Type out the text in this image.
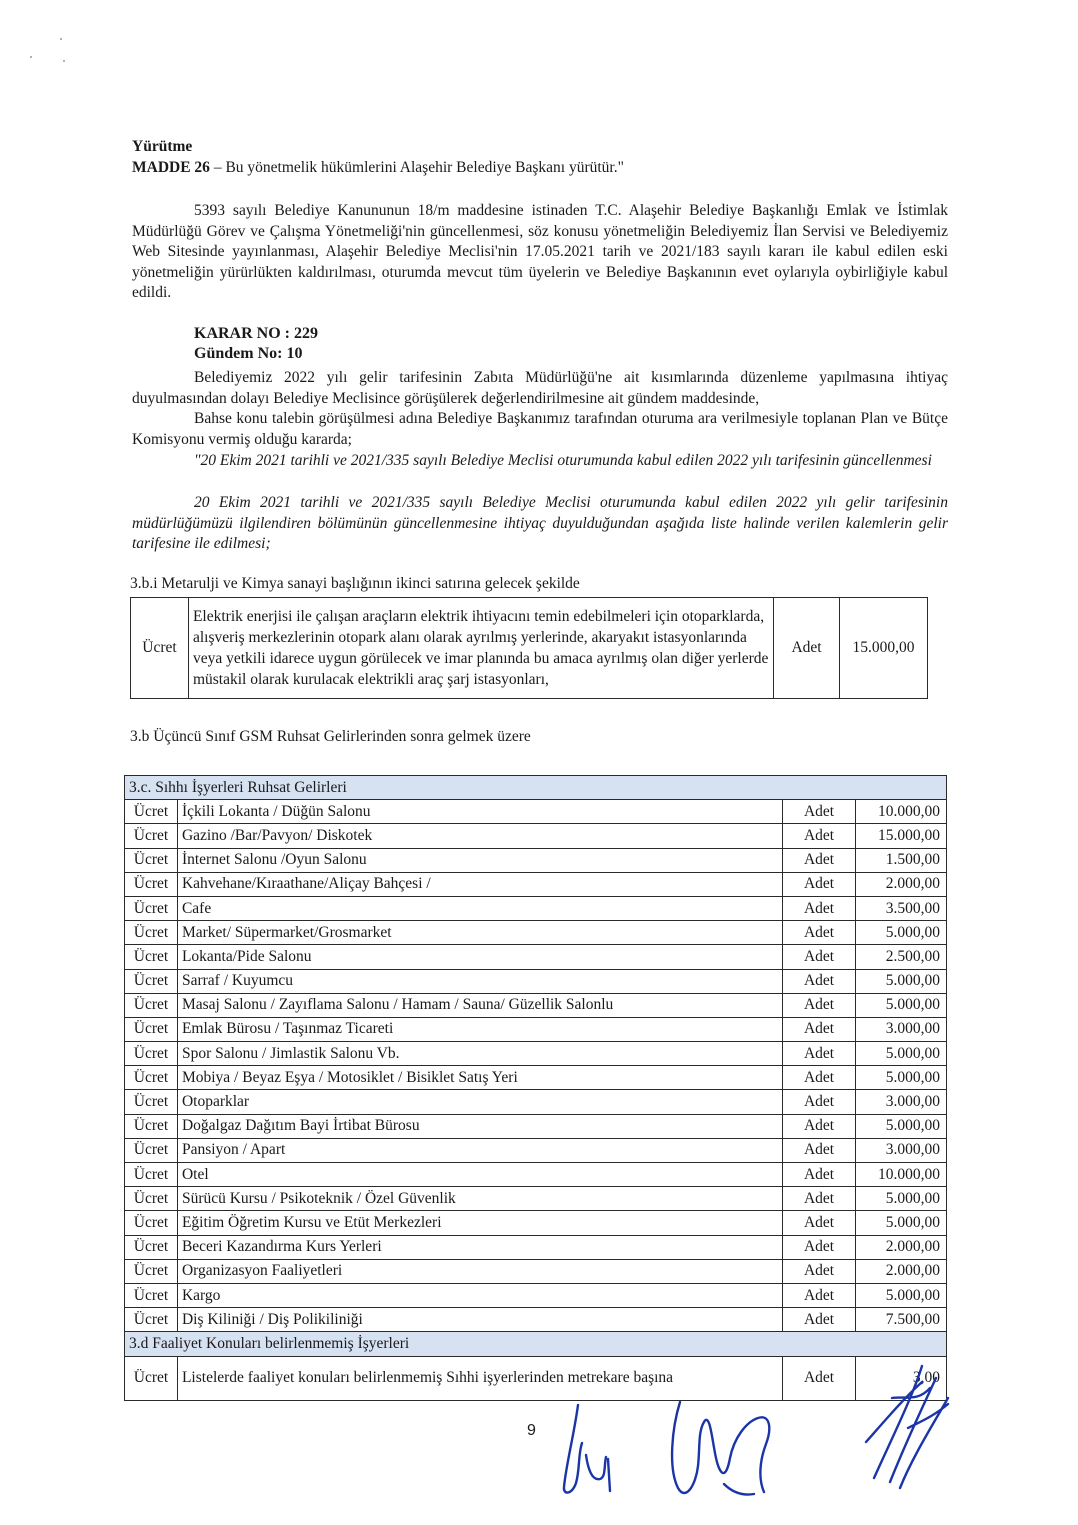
Yürütme
MADDE 26 – Bu yönetmelik hükümlerini Alaşehir Belediye Başkanı yürütür."
5393 sayılı Belediye Kanununun 18/m maddesine istinaden T.C. Alaşehir Belediye Başkanlığı Emlak ve İstimlak Müdürlüğü Görev ve Çalışma Yönetmeliği'nin güncellenmesi, söz konusu yönetmeliğin Belediyemiz İlan Servisi ve Belediyemiz Web Sitesinde yayınlanması, Alaşehir Belediye Meclisi'nin 17.05.2021 tarih ve 2021/183 sayılı kararı ile kabul edilen eski yönetmeliğin yürürlükten kaldırılması, oturumda mevcut tüm üyelerin ve Belediye Başkanının evet oylarıyla oybirliğiyle kabul edildi.
KARAR NO : 229
Gündem No: 10
Belediyemiz 2022 yılı gelir tarifesinin Zabıta Müdürlüğü'ne ait kısımlarında düzenleme yapılmasına ihtiyaç duyulmasından dolayı Belediye Meclisince görüşülerek değerlendirilmesine ait gündem maddesinde,
Bahse konu talebin görüşülmesi adına Belediye Başkanımız tarafından oturuma ara verilmesiyle toplanan Plan ve Bütçe Komisyonu vermiş olduğu kararda;
"20 Ekim 2021 tarihli ve 2021/335 sayılı Belediye Meclisi oturumunda kabul edilen 2022 yılı tarifesinin güncellenmesi
20 Ekim 2021 tarihli ve 2021/335 sayılı Belediye Meclisi oturumunda kabul edilen 2022 yılı gelir tarifesinin müdürlüğümüzü ilgilendiren bölümünün güncellenmesine ihtiyaç duyulduğundan aşağıda liste halinde verilen kalemlerin gelir tarifesine ile edilmesi;
3.b.i Metarulji ve Kimya sanayi başlığının ikinci satırına gelecek şekilde
Ücret	Elektrik enerjisi ile çalışan araçların elektrik ihtiyacını temin edebilmeleri için otoparklarda, alışveriş merkezlerinin otopark alanı olarak ayrılmış yerlerinde, akaryakıt istasyonlarında veya yetkili idarece uygun görülecek ve imar planında bu amaca ayrılmış olan diğer yerlerde müstakil olarak kurulacak elektrikli araç şarj istasyonları,	Adet	15.000,00
3.b Üçüncü Sınıf GSM Ruhsat Gelirlerinden sonra gelmek üzere
3.c. Sıhhı İşyerleri Ruhsat Gelirleri			
Ücret	İçkili Lokanta / Düğün Salonu	Adet	10.000,00
Ücret	Gazino /Bar/Pavyon/ Diskotek	Adet	15.000,00
Ücret	İnternet Salonu /Oyun Salonu	Adet	1.500,00
Ücret	Kahvehane/Kıraathane/Aliçay Bahçesi /	Adet	2.000,00
Ücret	Cafe	Adet	3.500,00
Ücret	Market/ Süpermarket/Grosmarket	Adet	5.000,00
Ücret	Lokanta/Pide Salonu	Adet	2.500,00
Ücret	Sarraf / Kuyumcu	Adet	5.000,00
Ücret	Masaj Salonu / Zayıflama Salonu / Hamam / Sauna/ Güzellik Salonlu	Adet	5.000,00
Ücret	Emlak Bürosu / Taşınmaz Ticareti	Adet	3.000,00
Ücret	Spor Salonu / Jimlastik Salonu Vb.	Adet	5.000,00
Ücret	Mobiya / Beyaz Eşya / Motosiklet / Bisiklet Satış Yeri	Adet	5.000,00
Ücret	Otoparklar	Adet	3.000,00
Ücret	Doğalgaz Dağıtım Bayi İrtibat Bürosu	Adet	5.000,00
Ücret	Pansiyon / Apart	Adet	3.000,00
Ücret	Otel	Adet	10.000,00
Ücret	Sürücü Kursu / Psikoteknik / Özel Güvenlik	Adet	5.000,00
Ücret	Eğitim Öğretim Kursu ve Etüt Merkezleri	Adet	5.000,00
Ücret	Beceri Kazandırma Kurs Yerleri	Adet	2.000,00
Ücret	Organizasyon Faaliyetleri	Adet	2.000,00
Ücret	Kargo	Adet	5.000,00
Ücret	Diş Kiliniği / Diş Polikiliniği	Adet	7.500,00
3.d Faaliyet Konuları belirlenmemiş İşyerleri			
Ücret	Listelerde faaliyet konuları belirlenmemiş Sıhhi işyerlerinden metrekare başına	Adet	3,00
9
